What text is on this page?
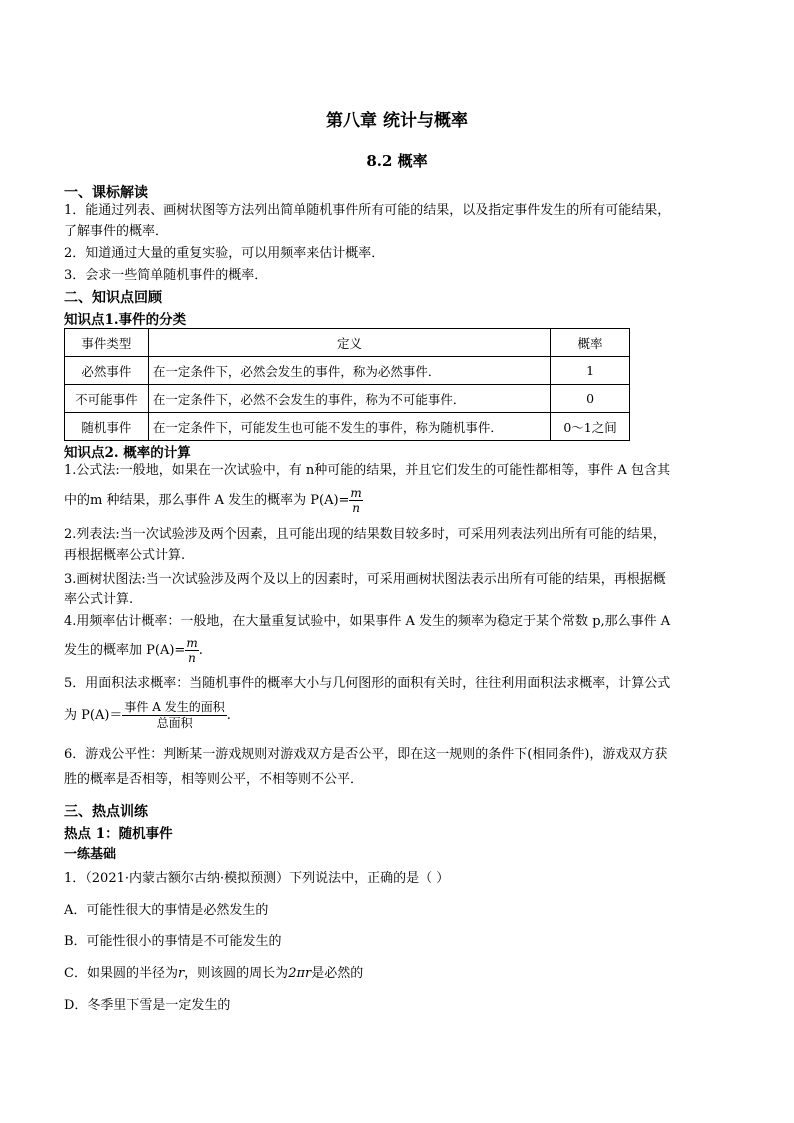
第八章 统计与概率
8.2 概率
一、课标解读
1．能通过列表、画树状图等方法列出简单随机事件所有可能的结果，以及指定事件发生的所有可能结果，
了解事件的概率．
2．知道通过大量的重复实验，可以用频率来估计概率．
3．会求一些简单随机事件的概率．
二、知识点回顾
知识点1.事件的分类
事件类型	定义	概率
必然事件	在一定条件下，必然会发生的事件，称为必然事件．	1
不可能事件	在一定条件下，必然不会发生的事件，称为不可能事件．	0
随机事件	在一定条件下，可能发生也可能不发生的事件，称为随机事件．	0～1之间
知识点2. 概率的计算
1.公式法:一般地，如果在一次试验中，有 n种可能的结果，并且它们发生的可能性都相等，事件 A 包含其
中的m 种结果，那么事件 A 发生的概率为 $P(A)= \frac{m}{n}$
2.列表法:当一次试验涉及两个因素，且可能出现的结果数目较多时，可采用列表法列出所有可能的结果，
再根据概率公式计算.
3.画树状图法:当一次试验涉及两个及以上的因素时，可采用画树状图法表示出所有可能的结果，再根据概
率公式计算.
4.用频率估计概率：一般地，在大量重复试验中，如果事件 A 发生的频率为稳定于某个常数 p,那么事件 A
发生的概率加 $P(A)= \frac{m}{n}$ .
5．用面积法求概率：当随机事件的概率大小与几何图形的面积有关时，往往利用面积法求概率，计算公式
为 $P(A)= \frac{\text{事件 A 发生的面积}}{\text{总面积}}$ .
6．游戏公平性：判断某一游戏规则对游戏双方是否公平，即在这一规则的条件下(相同条件)，游戏双方获
胜的概率是否相等，相等则公平，不相等则不公平．
三、热点训练
热点 1：随机事件
一练基础
1．（2021·内蒙古额尔古纳·模拟预测）下列说法中，正确的是（ ）
A．可能性很大的事情是必然发生的
B．可能性很小的事情是不可能发生的
C．如果圆的半径为r，则该圆的周长为2πr是必然的
D．冬季里下雪是一定发生的
